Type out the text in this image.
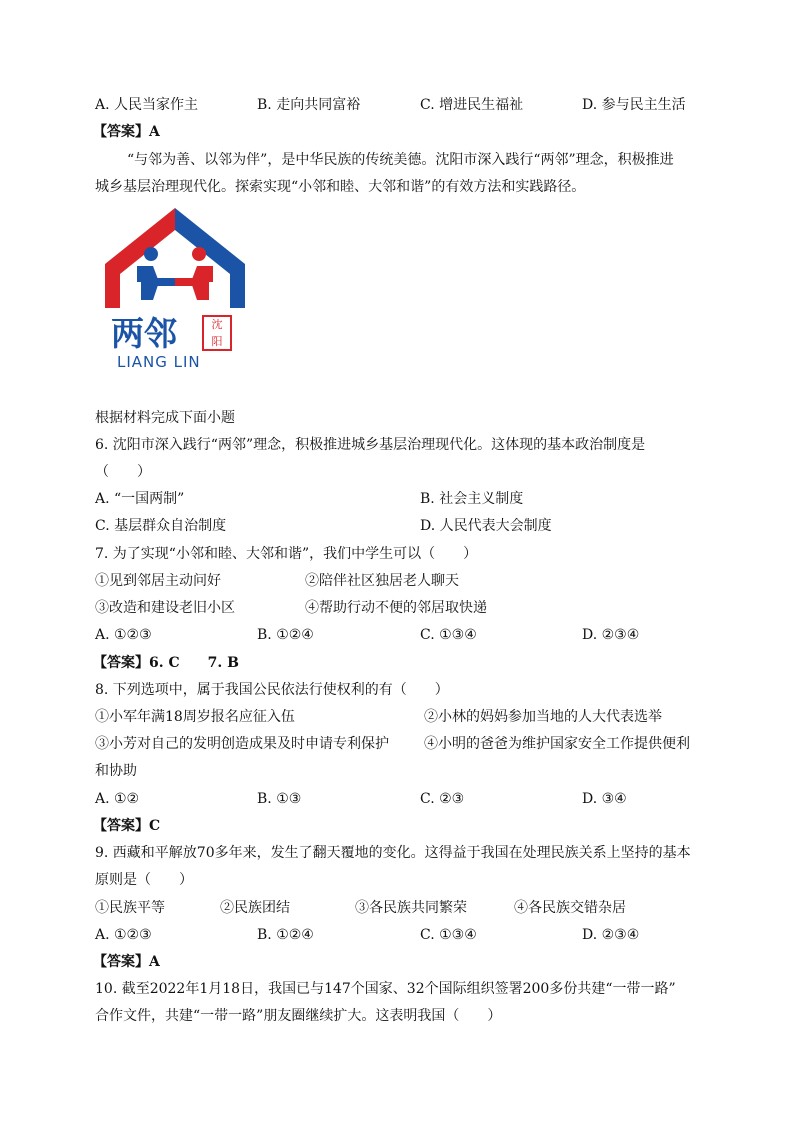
A. 人民当家作主	B. 走向共同富裕	C. 增进民生福祉	D. 参与民主生活
【答案】A
“与邻为善、以邻为伴”，是中华民族的传统美德。沈阳市深入践行“两邻”理念，积极推进
城乡基层治理现代化。探索实现“小邻和睦、大邻和谐”的有效方法和实践路径。
两邻	沈
阳
LIANG LIN
根据材料完成下面小题
6. 沈阳市深入践行“两邻”理念，积极推进城乡基层治理现代化。这体现的基本政治制度是
（　　）
A. “一国两制”	B. 社会主义制度
C. 基层群众自治制度	D. 人民代表大会制度
7. 为了实现“小邻和睦、大邻和谐”，我们中学生可以（　　）
①见到邻居主动问好	②陪伴社区独居老人聊天
③改造和建设老旧小区	④帮助行动不便的邻居取快递
A. ①②③	B. ①②④	C. ①③④	D. ②③④
【答案】6. C　　7. B
8. 下列选项中，属于我国公民依法行使权利的有（　　）
①小军年满18周岁报名应征入伍	②小林的妈妈参加当地的人大代表选举
③小芳对自己的发明创造成果及时申请专利保护	④小明的爸爸为维护国家安全工作提供便利
和协助
A. ①②	B. ①③	C. ②③	D. ③④
【答案】C
9. 西藏和平解放70多年来，发生了翻天覆地的变化。这得益于我国在处理民族关系上坚持的基本
原则是（　　）
①民族平等	②民族团结	③各民族共同繁荣	④各民族交错杂居
A. ①②③	B. ①②④	C. ①③④	D. ②③④
【答案】A
10. 截至2022年1月18日，我国已与147个国家、32个国际组织签署200多份共建“一带一路”
合作文件，共建“一带一路”朋友圈继续扩大。这表明我国（　　）
